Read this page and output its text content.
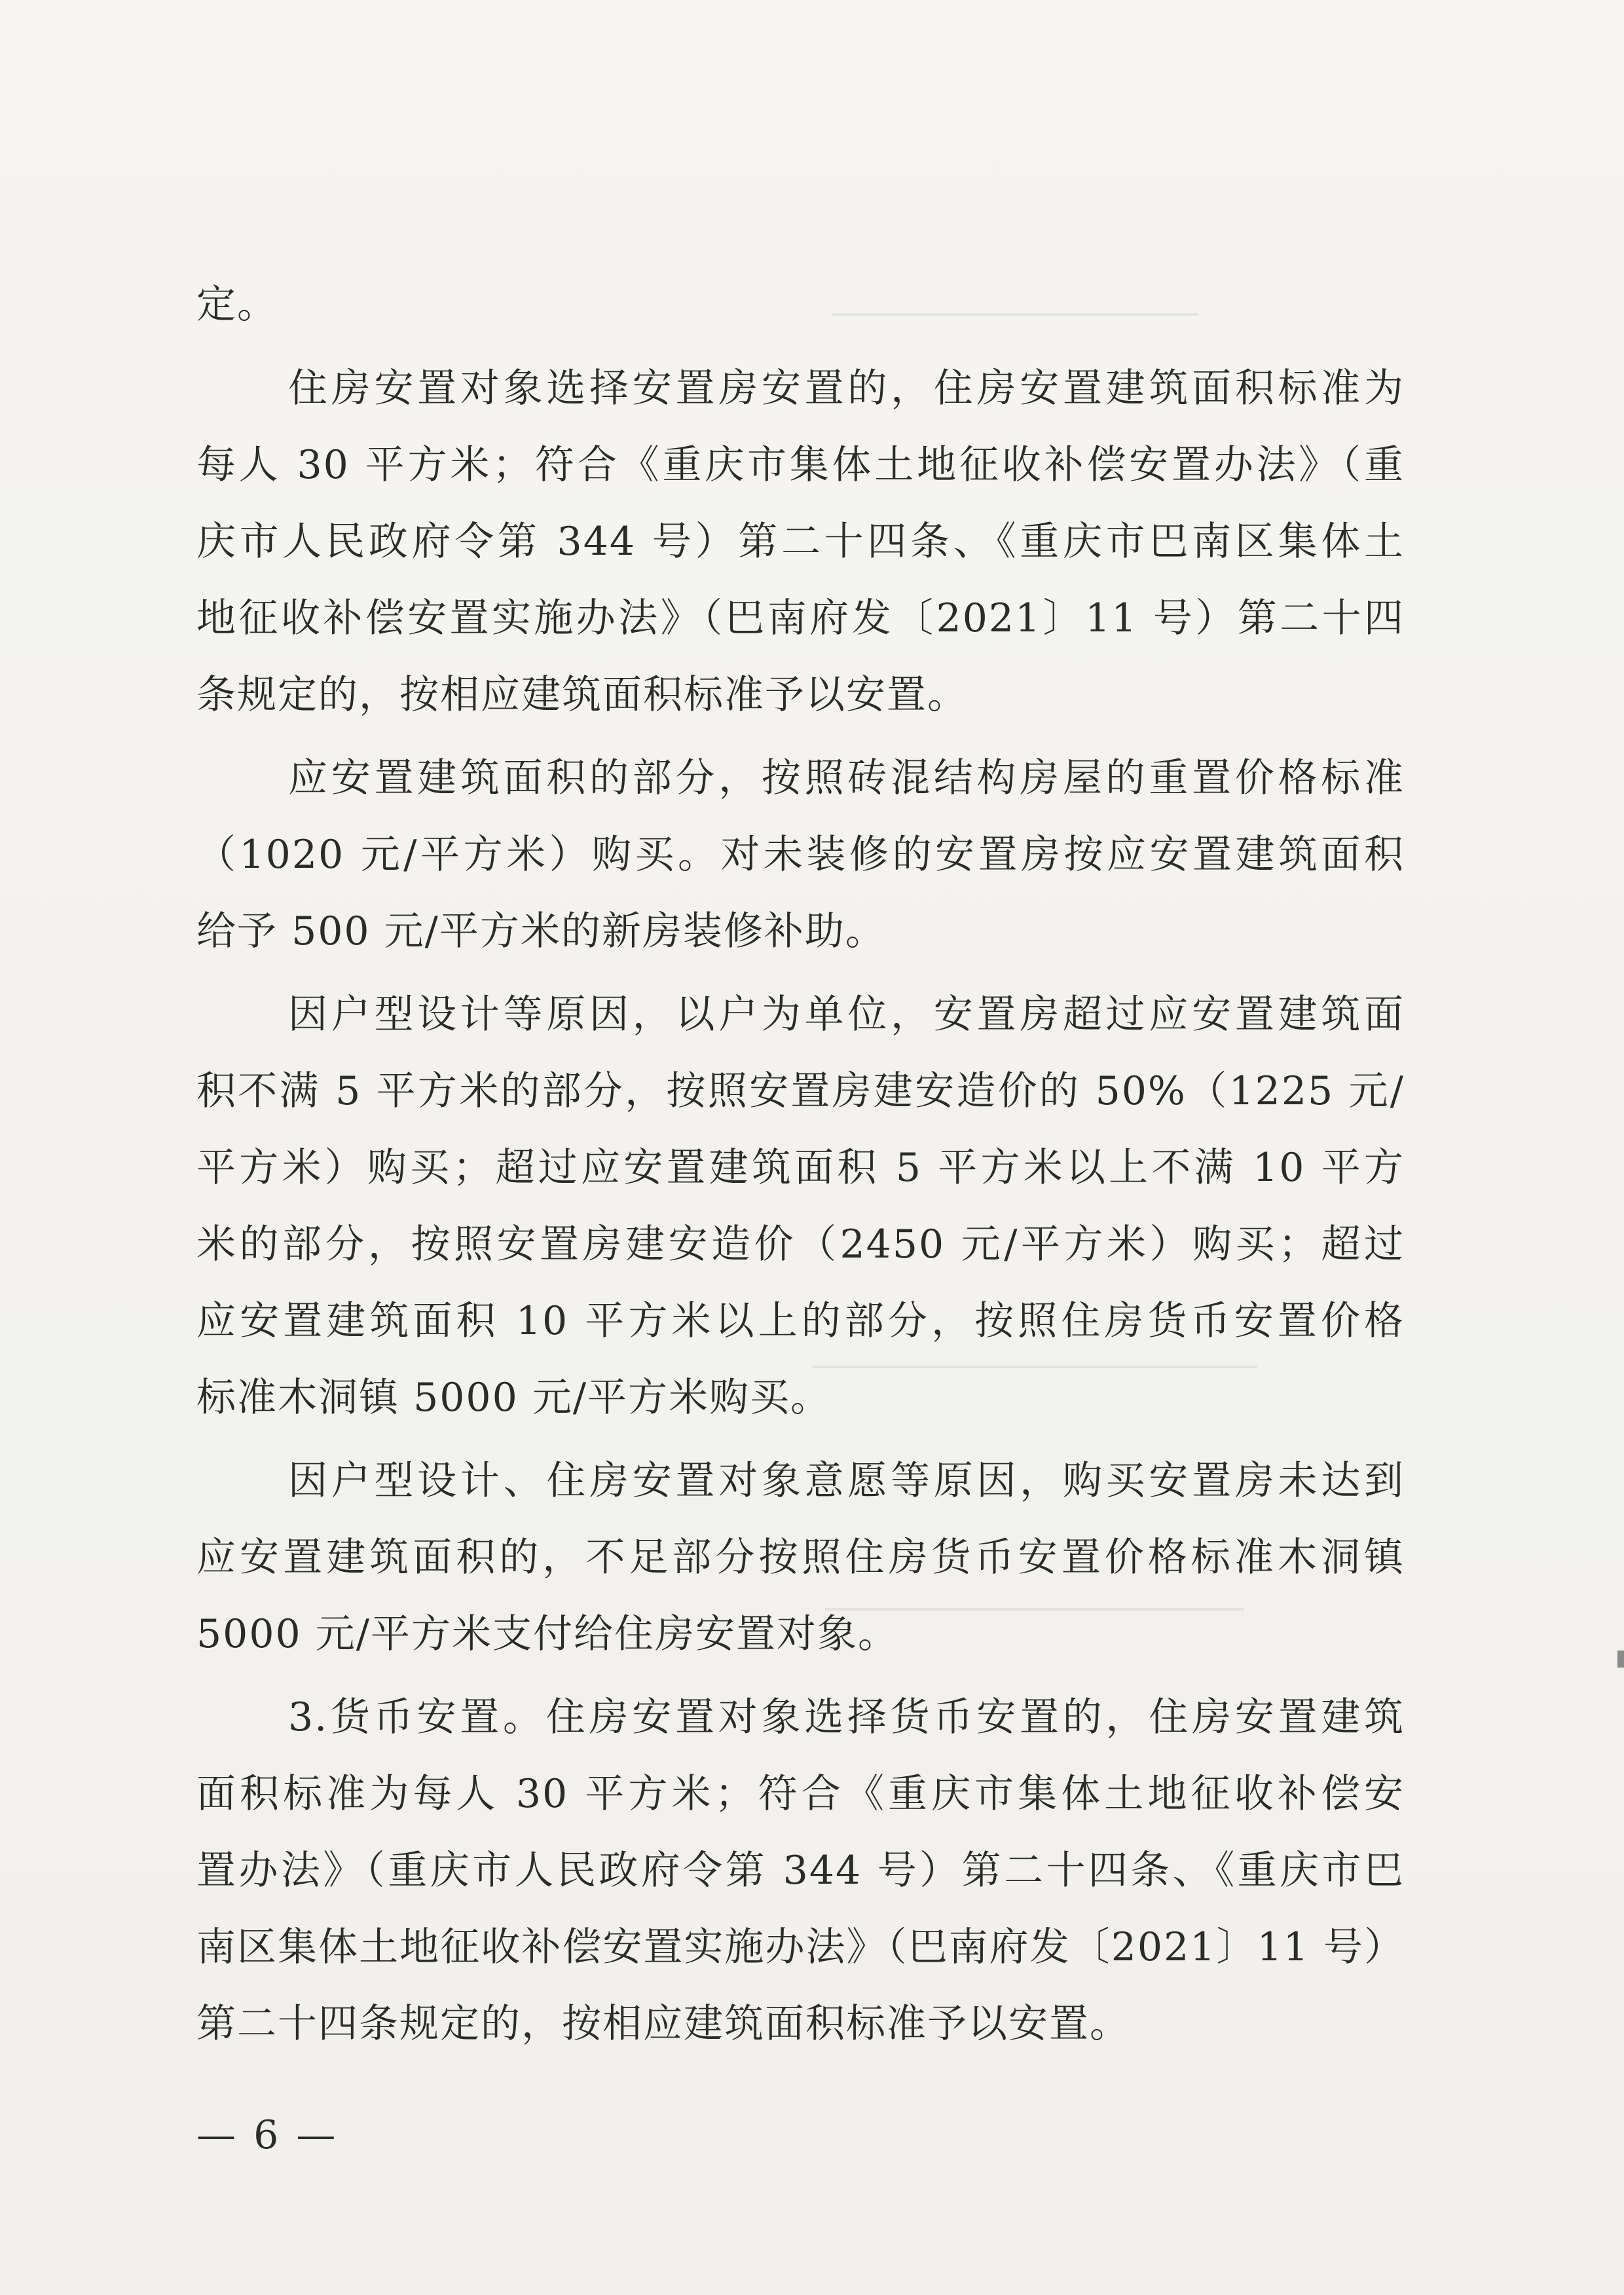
定。
住房安置对象选择安置房安置的，住房安置建筑面积标准为
每人 30 平方米；符合《重庆市集体土地征收补偿安置办法》（重
庆市人民政府令第 344 号）第二十四条、《重庆市巴南区集体土
地征收补偿安置实施办法》（巴南府发〔2021〕11 号）第二十四
条规定的，按相应建筑面积标准予以安置。
应安置建筑面积的部分，按照砖混结构房屋的重置价格标准
（1020 元/平方米）购买。对未装修的安置房按应安置建筑面积
给予 500 元/平方米的新房装修补助。
因户型设计等原因，以户为单位，安置房超过应安置建筑面
积不满 5 平方米的部分，按照安置房建安造价的 50%（1225 元/
平方米）购买；超过应安置建筑面积 5 平方米以上不满 10 平方
米的部分，按照安置房建安造价（2450 元/平方米）购买；超过
应安置建筑面积 10 平方米以上的部分，按照住房货币安置价格
标准木洞镇 5000 元/平方米购买。
因户型设计、住房安置对象意愿等原因，购买安置房未达到
应安置建筑面积的，不足部分按照住房货币安置价格标准木洞镇
5000 元/平方米支付给住房安置对象。
3.货币安置。住房安置对象选择货币安置的，住房安置建筑
面积标准为每人 30 平方米；符合《重庆市集体土地征收补偿安
置办法》（重庆市人民政府令第 344 号）第二十四条、《重庆市巴
南区集体土地征收补偿安置实施办法》（巴南府发〔2021〕11 号）
第二十四条规定的，按相应建筑面积标准予以安置。
— 6 —
